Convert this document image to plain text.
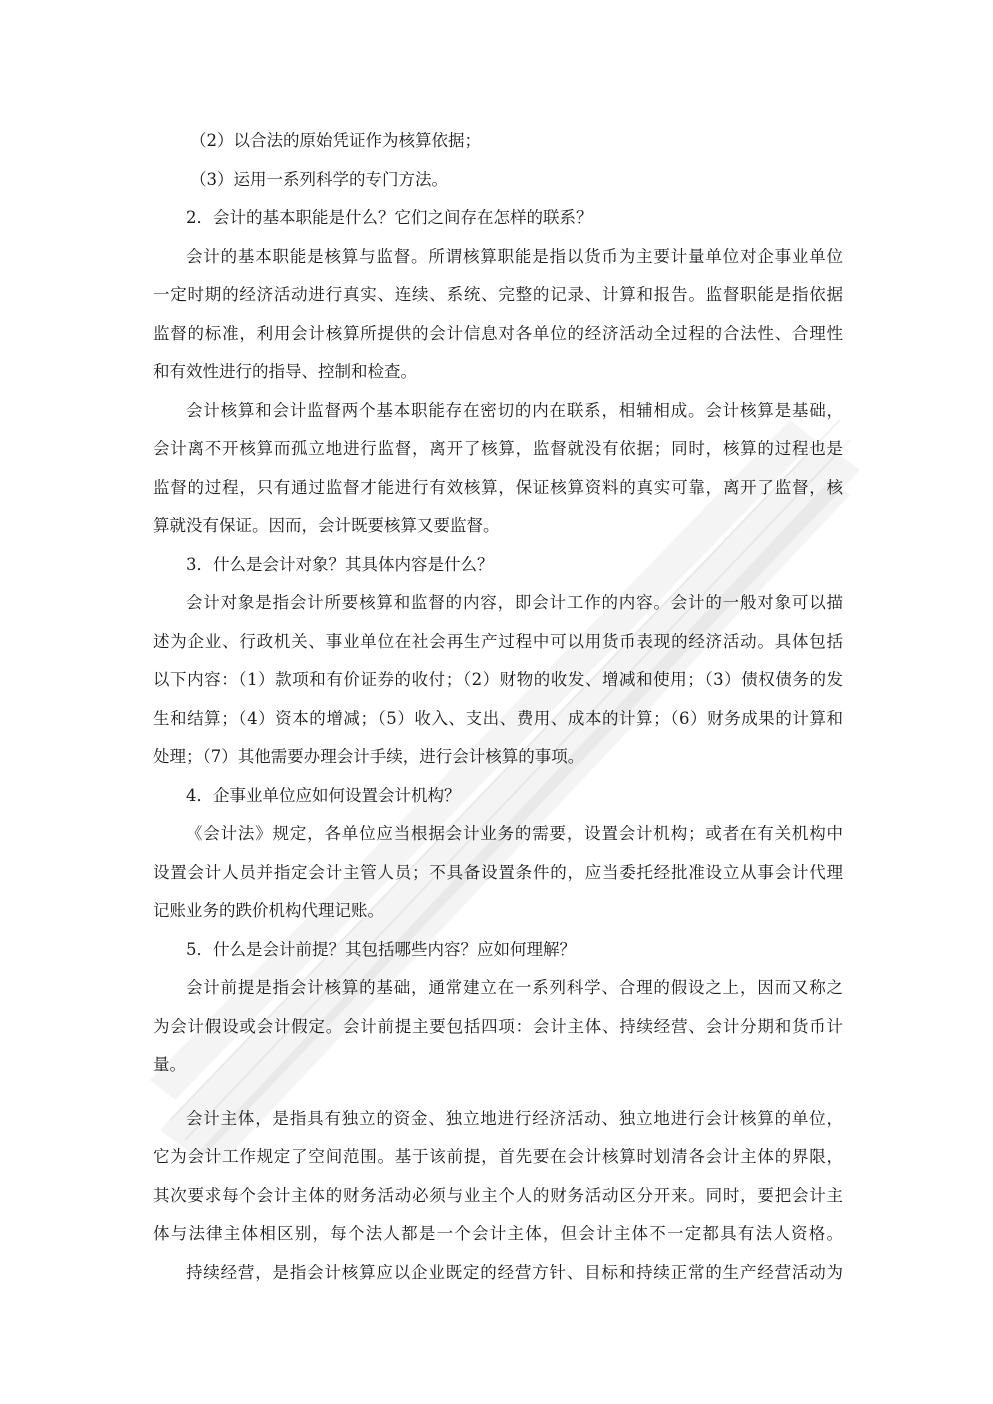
（2）以合法的原始凭证作为核算依据；

（3）运用一系列科学的专门方法。

2．会计的基本职能是什么？它们之间存在怎样的联系？

会计的基本职能是核算与监督。所谓核算职能是指以货币为主要计量单位对企事业单位

一定时期的经济活动进行真实、连续、系统、完整的记录、计算和报告。监督职能是指依据

监督的标准，利用会计核算所提供的会计信息对各单位的经济活动全过程的合法性、合理性

和有效性进行的指导、控制和检查。

会计核算和会计监督两个基本职能存在密切的内在联系，相辅相成。会计核算是基础，

会计离不开核算而孤立地进行监督，离开了核算，监督就没有依据；同时，核算的过程也是

监督的过程，只有通过监督才能进行有效核算，保证核算资料的真实可靠，离开了监督，核

算就没有保证。因而，会计既要核算又要监督。

3．什么是会计对象？其具体内容是什么？

会计对象是指会计所要核算和监督的内容，即会计工作的内容。会计的一般对象可以描

述为企业、行政机关、事业单位在社会再生产过程中可以用货币表现的经济活动。具体包括

以下内容：（1）款项和有价证券的收付；（2）财物的收发、增减和使用；（3）债权债务的发

生和结算；（4）资本的增减；（5）收入、支出、费用、成本的计算；（6）财务成果的计算和

处理；（7）其他需要办理会计手续，进行会计核算的事项。

4．企事业单位应如何设置会计机构？

《会计法》规定，各单位应当根据会计业务的需要，设置会计机构；或者在有关机构中

设置会计人员并指定会计主管人员；不具备设置条件的，应当委托经批准设立从事会计代理

记账业务的跌价机构代理记账。

5．什么是会计前提？其包括哪些内容？应如何理解？

会计前提是指会计核算的基础，通常建立在一系列科学、合理的假设之上，因而又称之

为会计假设或会计假定。会计前提主要包括四项：会计主体、持续经营、会计分期和货币计

量。

会计主体，是指具有独立的资金、独立地进行经济活动、独立地进行会计核算的单位，

它为会计工作规定了空间范围。基于该前提，首先要在会计核算时划清各会计主体的界限，

其次要求每个会计主体的财务活动必须与业主个人的财务活动区分开来。同时，要把会计主

体与法律主体相区别，每个法人都是一个会计主体，但会计主体不一定都具有法人资格。

持续经营，是指会计核算应以企业既定的经营方针、目标和持续正常的生产经营活动为
